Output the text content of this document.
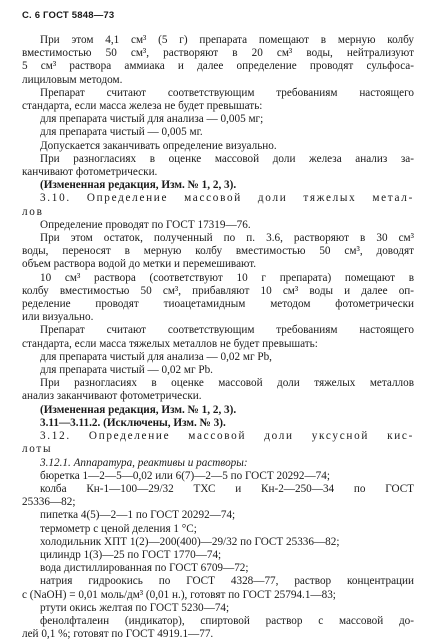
С. 6 ГОСТ 5848—73

При этом 4,1 см³ (5 г) препарата помещают в мерную колбу

вместимостью 50 см³, растворяют в 20 см³ воды, нейтрализуют

5 см³ раствора аммиака и далее определение проводят сульфоса-

лициловым методом.

Препарат считают соответствующим требованиям настоящего

стандарта, если масса железа не будет превышать:

для препарата чистый для анализа — 0,005 мг;

для препарата чистый — 0,005 мг.

Допускается заканчивать определение визуально.

При разногласиях в оценке массовой доли железа анализ за-

канчивают фотометрически.

(Измененная редакция, Изм. № 1, 2, 3).

3.10. Определение массовой доли тяжелых метал-

лов

Определение проводят по ГОСТ 17319—76.

При этом остаток, полученный по п. 3.6, растворяют в 30 см³

воды, переносят в мерную колбу вместимостью 50 см³, доводят

объем раствора водой до метки и перемешивают.

10 см³ раствора (соответствуют 10 г препарата) помещают в

колбу вместимостью 50 см³, прибавляют 10 см³ воды и далее оп-

ределение проводят тиоацетамидным методом фотометрически

или визуально.

Препарат считают соответствующим требованиям настоящего

стандарта, если масса тяжелых металлов не будет превышать:

для препарата чистый для анализа — 0,02 мг Pb,

для препарата чистый — 0,02 мг Pb.

При разногласиях в оценке массовой доли тяжелых металлов

анализ заканчивают фотометрически.

(Измененная редакция, Изм. № 1, 2, 3).

3.11—3.11.2. (Исключены, Изм. № 3).

3.12. Определение массовой доли уксусной кис-

лоты

3.12.1. Аппаратура, реактивы и растворы:

бюретка 1—2—5—0,02 или 6(7)—2—5 по ГОСТ 20292—74;

колба Кн-1—100—29/32 ТХС и Кн-2—250—34 по ГОСТ

25336—82;

пипетка 4(5)—2—1 по ГОСТ 20292—74;

термометр с ценой деления 1 °С;

холодильник ХПТ 1(2)—200(400)—29/32 по ГОСТ 25336—82;

цилиндр 1(3)—25 по ГОСТ 1770—74;

вода дистиллированная по ГОСТ 6709—72;

натрия гидроокись по ГОСТ 4328—77, раствор концентрации

с (NaOH) = 0,01 моль/дм³ (0,01 н.), готовят по ГОСТ 25794.1—83;

ртути окись желтая по ГОСТ 5230—74;

фенолфталеин (индикатор), спиртовой раствор с массовой до-

лей 0,1 %; готовят по ГОСТ 4919.1—77.
